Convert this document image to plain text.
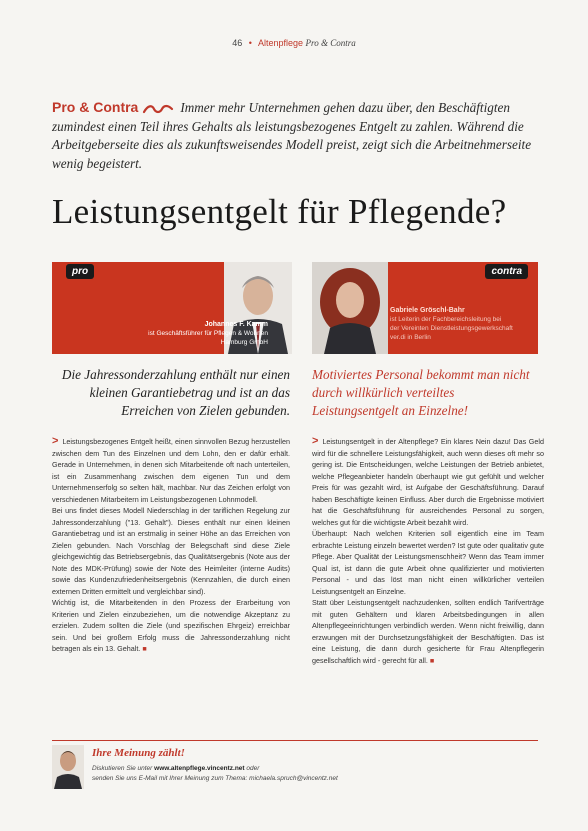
46 • Altenpflege Pro & Contra
Pro & Contra	Immer mehr Unternehmen gehen dazu über, den Beschäftigten zumindest einen Teil ihres Gehalts als leistungsbezogenes Entgelt zu zahlen. Während die Arbeitgeberseite dies als zukunftsweisendes Modell preist, zeigt sich die Arbeitnehmerseite wenig begeistert.
Leistungsentgelt für Pflegende?
pro
Johannes F. Kamm
ist Geschäftsführer für Pflegen & Wohnen
Hamburg GmbH
contra
Gabriele Gröschl-Bahr
ist Leiterin der Fachbereichsleitung bei
der Vereinten Dienstleistungsgewerkschaft
ver.di in Berlin
Die Jahressonderzahlung enthält nur einen kleinen Garantiebetrag und ist an das Erreichen von Zielen gebunden.

> Leistungsbezogenes Entgelt heißt, einen sinnvollen Bezug herzustellen zwischen dem Tun des Einzelnen und dem Lohn, den er dafür erhält. Gerade in Unternehmen, in denen sich Mitarbeitende oft nach unterteilen, ist ein Zusammenhang zwischen dem eigenen Tun und dem Unternehmenserfolg so selten hält, machbar. Nur das Zeichen erfolgt von verschiedenen Mitarbeitern im Leistungsbezogenen Lohnmodell.

Bei uns findet dieses Modell Niederschlag in der tariflichen Regelung zur Jahressonderzahlung ("13. Gehalt"). Dieses enthält nur einen kleinen Garantiebetrag und ist an erstmalig in seiner Höhe an das Erreichen von Zielen gebunden. Nach Vorschlag der Belegschaft sind diese Ziele gleichgewichtig das Betriebsergebnis, das Qualitätsergebnis (Note aus der Note des MDK-Prüfung) sowie der Note des Heimleiter (interne Audits) sowie das Kundenzufriedenheitsergebnis (Kennzahlen, die durch einen externen Dritten ermittelt und vergleichbar sind).

Wichtig ist, die Mitarbeitenden in den Prozess der Erarbeitung von Kriterien und Zielen einzubeziehen, um die notwendige Akzeptanz zu erzielen. Zudem sollten die Ziele (und spezifischen Ehrgeiz) erreichbar sein. Und bei großem Erfolg muss die Jahressonderzahlung nicht betragen als ein 13. Gehalt. ■

Motiviertes Personal bekommt man nicht durch willkürlich verteiltes Leistungsentgelt an Einzelne!

> Leistungsentgelt in der Altenpflege? Ein klares Nein dazu! Das Geld wird für die schnellere Leistungsfähigkeit, auch wenn dieses oft mehr so gering ist. Die Entscheidungen, welche Leistungen der Betrieb anbietet, welche Pflegeanbieter handeln überhaupt wie gut gefühlt und welcher Preis für was gezahlt wird, ist Aufgabe der Geschäftsführung. Darauf haben Beschäftigte keinen Einfluss. Aber durch die Ergebnisse motiviert hat die Geschäftsführung für ausreichendes Personal zu sorgen, welches gut für die wichtigste Arbeit bezahlt wird.

Überhaupt: Nach welchen Kriterien soll eigentlich eine im Team erbrachte Leistung einzeln bewertet werden? Ist gute oder qualitativ gute Pflege. Aber Qualität der Leistungsmenschheit? Wenn das Team immer Qual ist, ist dann die gute Arbeit ohne qualifizierter und motivierten Personal - und das löst man nicht einen willkürlicher verteilen Leistungsentgelt an Einzelne.

Statt über Leistungsentgelt nachzudenken, sollten endlich Tarifverträge mit guten Gehältern und klaren Arbeitsbedingungen in allen Altenpflegeeinrichtungen verbindlich werden. Wenn nicht freiwillig, dann erzwungen mit der Durchsetzungsfähigkeit der Beschäftigten. Das ist eine Leistung, die dann durch gesicherte für Frau Altenpflegerin gesellschaftlich wird - gerecht für all. ■

Ihre Meinung zählt!
Diskutieren Sie unter www.altenpflege.vincentz.net oder
senden Sie uns E-Mail mit Ihrer Meinung zum Thema: michaela.spruch@vincentz.net
